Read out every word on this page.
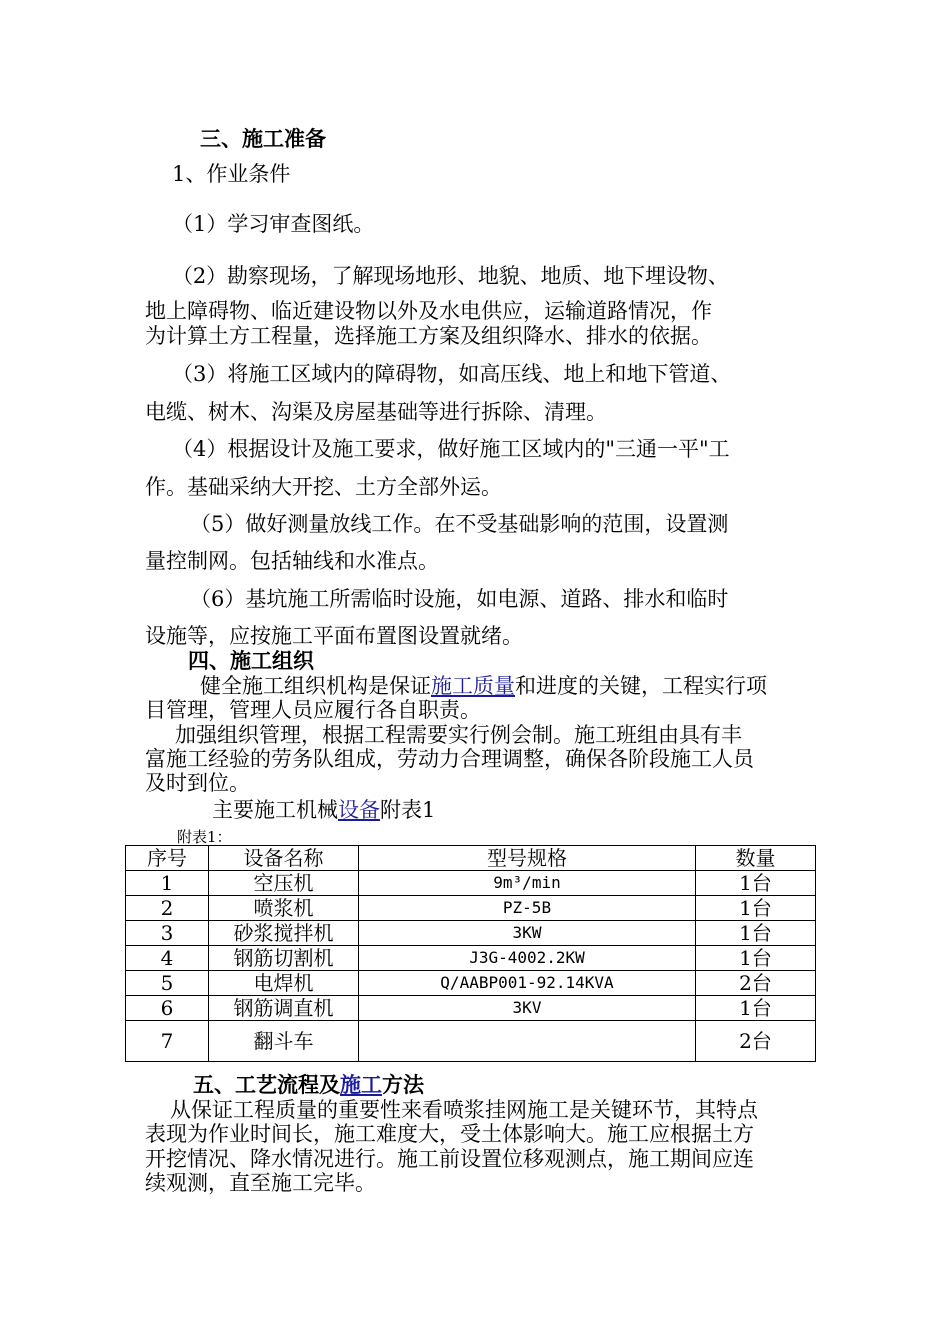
三、施工准备
1、作业条件
（1）学习审查图纸。
（2）勘察现场，了解现场地形、地貌、地质、地下埋设物、
地上障碍物、临近建设物以外及水电供应，运输道路情况，作
为计算土方工程量，选择施工方案及组织降水、排水的依据。
（3）将施工区域内的障碍物，如高压线、地上和地下管道、
电缆、树木、沟渠及房屋基础等进行拆除、清理。
（4）根据设计及施工要求，做好施工区域内的"三通一平"工
作。基础采纳大开挖、土方全部外运。
（5）做好测量放线工作。在不受基础影响的范围，设置测
量控制网。包括轴线和水准点。
（6）基坑施工所需临时设施，如电源、道路、排水和临时
设施等，应按施工平面布置图设置就绪。
四、施工组织
健全施工组织机构是保证施工质量和进度的关键，工程实行项
目管理，管理人员应履行各自职责。
加强组织管理，根据工程需要实行例会制。施工班组由具有丰
富施工经验的劳务队组成，劳动力合理调整，确保各阶段施工人员
及时到位。
主要施工机械设备附表1
附表1：
序号	设备名称	型号规格	数量
1	空压机	9m³/min	1台
2	喷浆机	PZ-5B	1台
3	砂浆搅拌机	3KW	1台
4	钢筋切割机	J3G-4002.2KW	1台
5	电焊机	Q/AABP001-92.14KVA	2台
6	钢筋调直机	3KV	1台
7	翻斗车		2台
五、工艺流程及施工方法
从保证工程质量的重要性来看喷浆挂网施工是关键环节，其特点
表现为作业时间长，施工难度大，受土体影响大。施工应根据土方
开挖情况、降水情况进行。施工前设置位移观测点，施工期间应连
续观测，直至施工完毕。
